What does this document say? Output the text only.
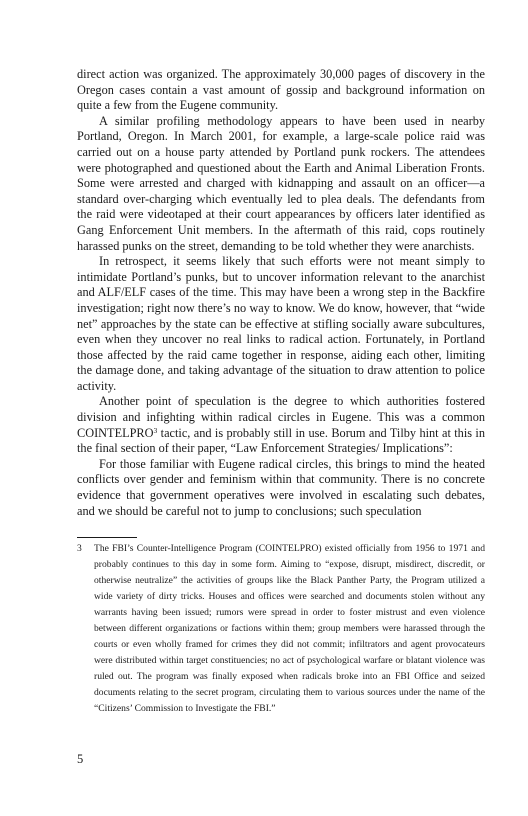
direct action was organized. The approximately 30,000 pages of discovery in the Oregon cases contain a vast amount of gossip and background information on quite a few from the Eugene community.

A similar profiling methodology appears to have been used in nearby Portland, Oregon. In March 2001, for example, a large-scale police raid was carried out on a house party attended by Portland punk rockers. The attendees were photographed and questioned about the Earth and Animal Liberation Fronts. Some were arrested and charged with kidnapping and assault on an officer—a standard over-charging which eventually led to plea deals. The defendants from the raid were videotaped at their court appearances by officers later identified as Gang Enforcement Unit members. In the aftermath of this raid, cops routinely harassed punks on the street, demanding to be told whether they were anarchists.

In retrospect, it seems likely that such efforts were not meant simply to intimidate Portland’s punks, but to uncover information relevant to the anarchist and ALF/ELF cases of the time. This may have been a wrong step in the Backfire investigation; right now there’s no way to know. We do know, however, that “wide net” approaches by the state can be effective at stifling socially aware subcultures, even when they uncover no real links to radical action. Fortunately, in Portland those affected by the raid came together in response, aiding each other, limiting the damage done, and taking advantage of the situation to draw attention to police activity.

Another point of speculation is the degree to which authorities fostered division and infighting within radical circles in Eugene. This was a common COINTELPRO$^3$ tactic, and is probably still in use. Borum and Tilby hint at this in the final section of their paper, “Law Enforcement Strategies/ Implications”:

For those familiar with Eugene radical circles, this brings to mind the heated conflicts over gender and feminism within that community. There is no concrete evidence that government operatives were involved in escalating such debates, and we should be careful not to jump to conclusions; such speculation

3 The FBI’s Counter-Intelligence Program (COINTELPRO) existed officially from 1956 to 1971 and probably continues to this day in some form. Aiming to “expose, disrupt, misdirect, discredit, or otherwise neutralize” the activities of groups like the Black Panther Party, the Program utilized a wide variety of dirty tricks. Houses and offices were searched and documents stolen without any warrants having been issued; rumors were spread in order to foster mistrust and even violence between different organizations or factions within them; group members were harassed through the courts or even wholly framed for crimes they did not commit; infiltrators and agent provocateurs were distributed within target constituencies; no act of psychological warfare or blatant violence was ruled out. The program was finally exposed when radicals broke into an FBI Office and seized documents relating to the secret program, circulating them to various sources under the name of the “Citizens’ Commission to Investigate the FBI.”
5
